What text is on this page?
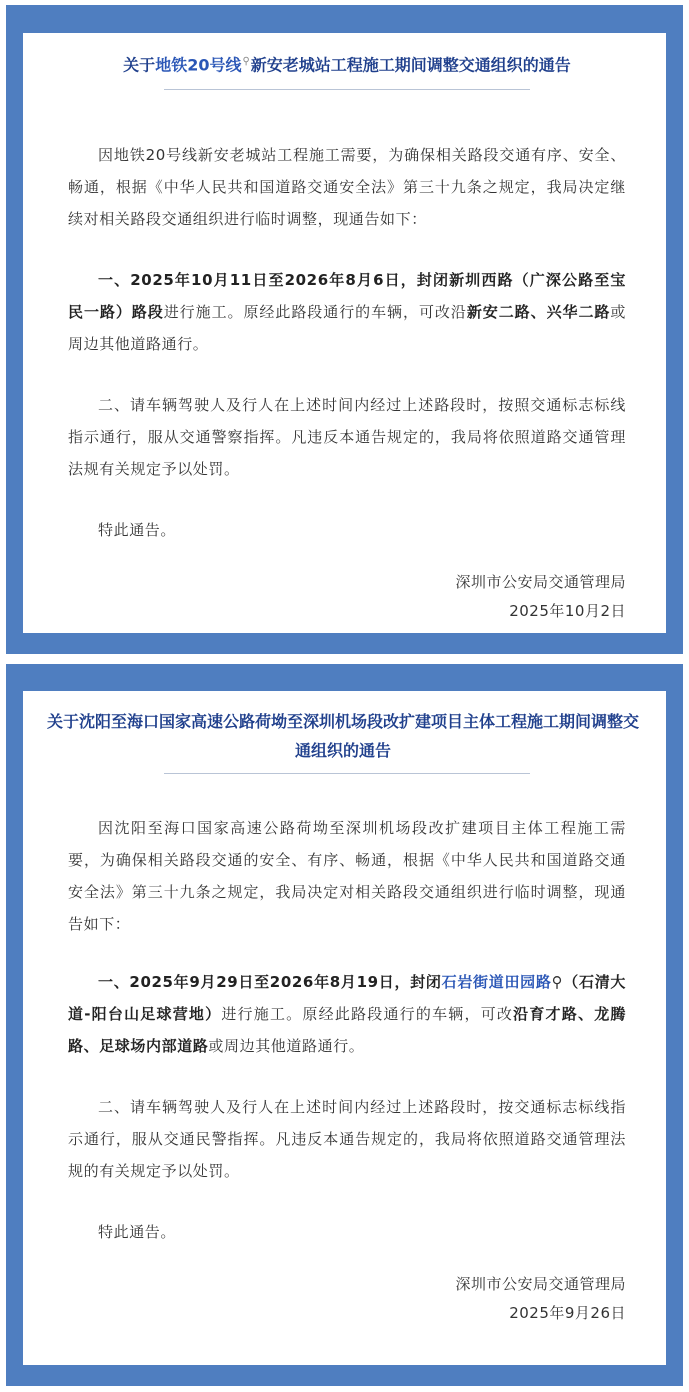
关于地铁20号线⚲新安老城站工程施工期间调整交通组织的通告

因地铁20号线新安老城站工程施工需要，为确保相关路段交通有序、安全、畅通，根据《中华人民共和国道路交通安全法》第三十九条之规定，我局决定继续对相关路段交通组织进行临时调整，现通告如下：

一、2025年10月11日至2026年8月6日，封闭新圳西路（广深公路至宝民一路）路段进行施工。原经此路段通行的车辆，可改沿新安二路、兴华二路或周边其他道路通行。

二、请车辆驾驶人及行人在上述时间内经过上述路段时，按照交通标志标线指示通行，服从交通警察指挥。凡违反本通告规定的，我局将依照道路交通管理法规有关规定予以处罚。

特此通告。

深圳市公安局交通管理局

2025年10月2日

关于沈阳至海口国家高速公路荷坳至深圳机场段改扩建项目主体工程施工期间调整交通组织的通告

因沈阳至海口国家高速公路荷坳至深圳机场段改扩建项目主体工程施工需要，为确保相关路段交通的安全、有序、畅通，根据《中华人民共和国道路交通安全法》第三十九条之规定，我局决定对相关路段交通组织进行临时调整，现通告如下：

一、2025年9月29日至2026年8月19日，封闭石岩街道田园路⚲（石清大道-阳台山足球营地）进行施工。原经此路段通行的车辆，可改沿育才路、龙腾路、足球场内部道路或周边其他道路通行。

二、请车辆驾驶人及行人在上述时间内经过上述路段时，按交通标志标线指示通行，服从交通民警指挥。凡违反本通告规定的，我局将依照道路交通管理法规的有关规定予以处罚。

特此通告。

深圳市公安局交通管理局

2025年9月26日
